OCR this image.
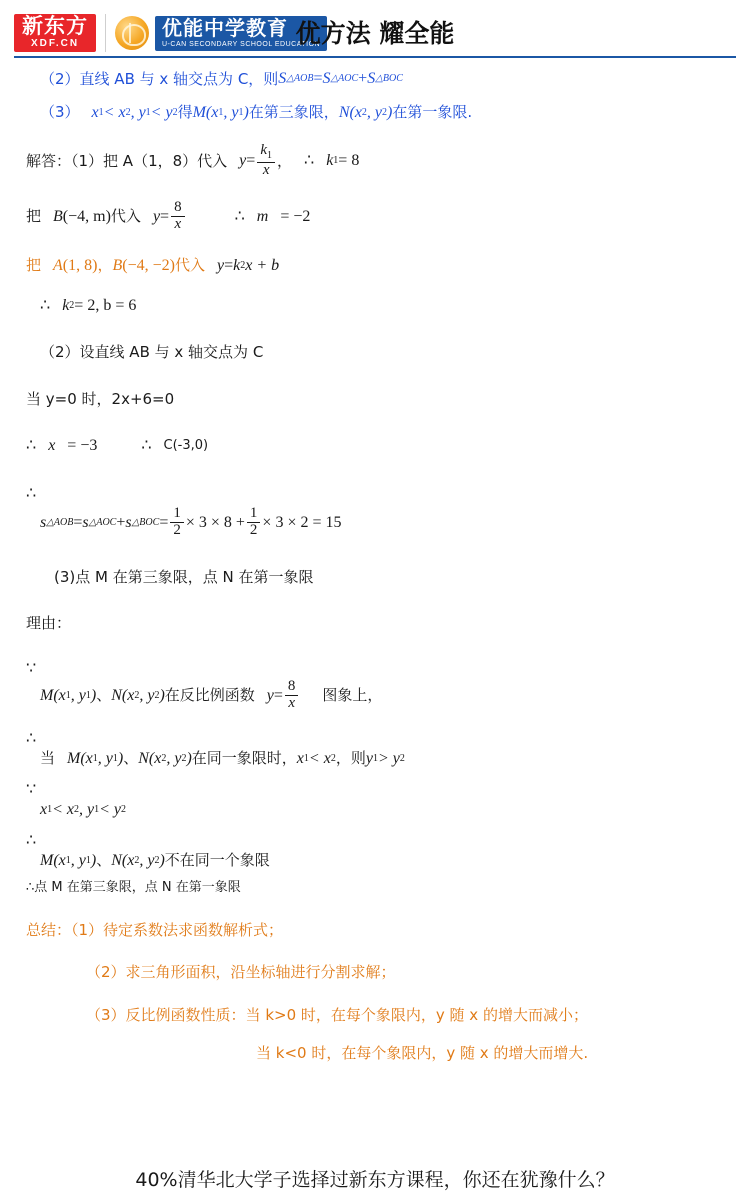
新东方
XDF.CN
优能中学教育
U-CAN SECONDARY SCHOOL EDUCATION
优方法 耀全能
（2）直线 AB 与 x 轴交点为 C，则 S △AOB = S △AOC + S △BOC
（3） x 1 < x 2 , y 1 < y 2 得 M (x 1 , y 1 ) 在第三象限， N (x 2 , y 2 ) 在第一象限.
解答：（1）把 A（1，8）代入 $y = \frac{k_1}{x}$ ， ∴ k 1 = 8
把 B (−4, m) 代入 $y = \frac{8}{x}$	∴ m = −2
把 A (1, 8) ， B (−4, −2) 代入 y = k 2 x + b
∴ k 2 = 2, b = 6
（2）设直线 AB 与 x 轴交点为 C
当 y=0 时，2x+6=0
∴ x = −3	∴ C(-3,0)
∴
s △AOB = s △AOC + s △BOC = $\frac{1}{2} \times 3 \times 8 + \frac{1}{2} \times 3 \times 2 = 15$
(3)点 M 在第三象限，点 N 在第一象限
理由：
∵
M (x 1 , y 1 ) 、 N (x 2 , y 2 ) 在反比例函数 $y = \frac{8}{x}$ 图象上，
∴
当 M (x 1 , y 1 ) 、 N (x 2 , y 2 ) 在同一象限时， x 1 < x 2 ，则 y 1 > y 2
∵
x 1 < x 2 , y 1 < y 2
∴
M (x 1 , y 1 ) 、 N (x 2 , y 2 ) 不在同一个象限
∴点 M 在第三象限，点 N 在第一象限
总结：（1）待定系数法求函数解析式；
（2）求三角形面积，沿坐标轴进行分割求解；
（3）反比例函数性质：当 k>0 时，在每个象限内，y 随 x 的增大而减小；
当 k<0 时，在每个象限内，y 随 x 的增大而增大.
40%清华北大学子选择过新东方课程，你还在犹豫什么？
